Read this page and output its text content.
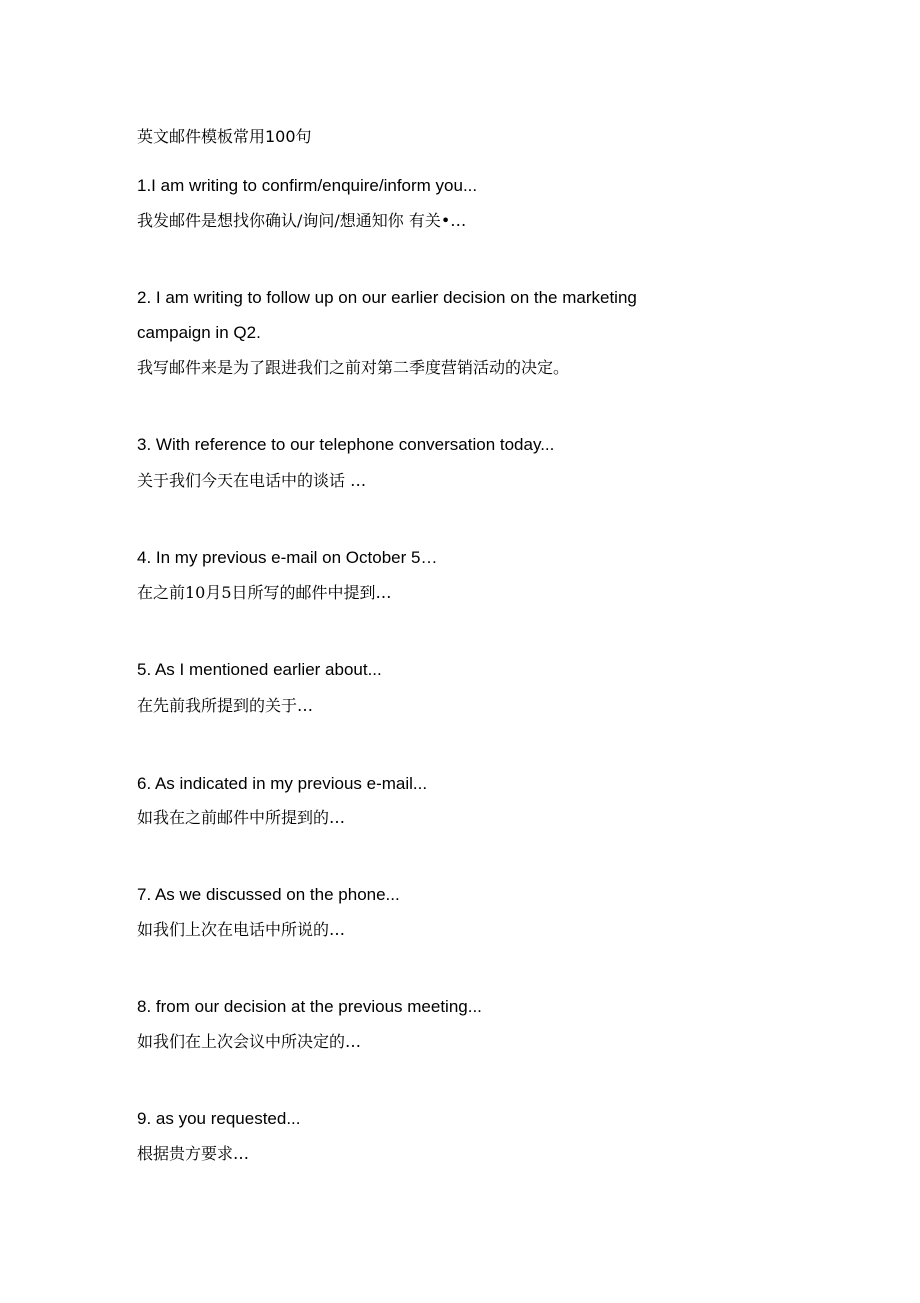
英文邮件模板常用100句
1.I am writing to confirm/enquire/inform you...
我发邮件是想找你确认/询问/想通知你 有关•…
2. I am writing to follow up on our earlier decision on the marketing
campaign in Q2.
我写邮件来是为了跟进我们之前对第二季度营销活动的决定。
3. With reference to our telephone conversation today...
关于我们今天在电话中的谈话 …
4. In my previous e-mail on October 5…
在之前10月5日所写的邮件中提到…
5. As I mentioned earlier about...
在先前我所提到的关于…
6. As indicated in my previous e-mail...
如我在之前邮件中所提到的…
7. As we discussed on the phone...
如我们上次在电话中所说的…
8. from our decision at the previous meeting...
如我们在上次会议中所决定的…
9. as you requested...
根据贵方要求…
